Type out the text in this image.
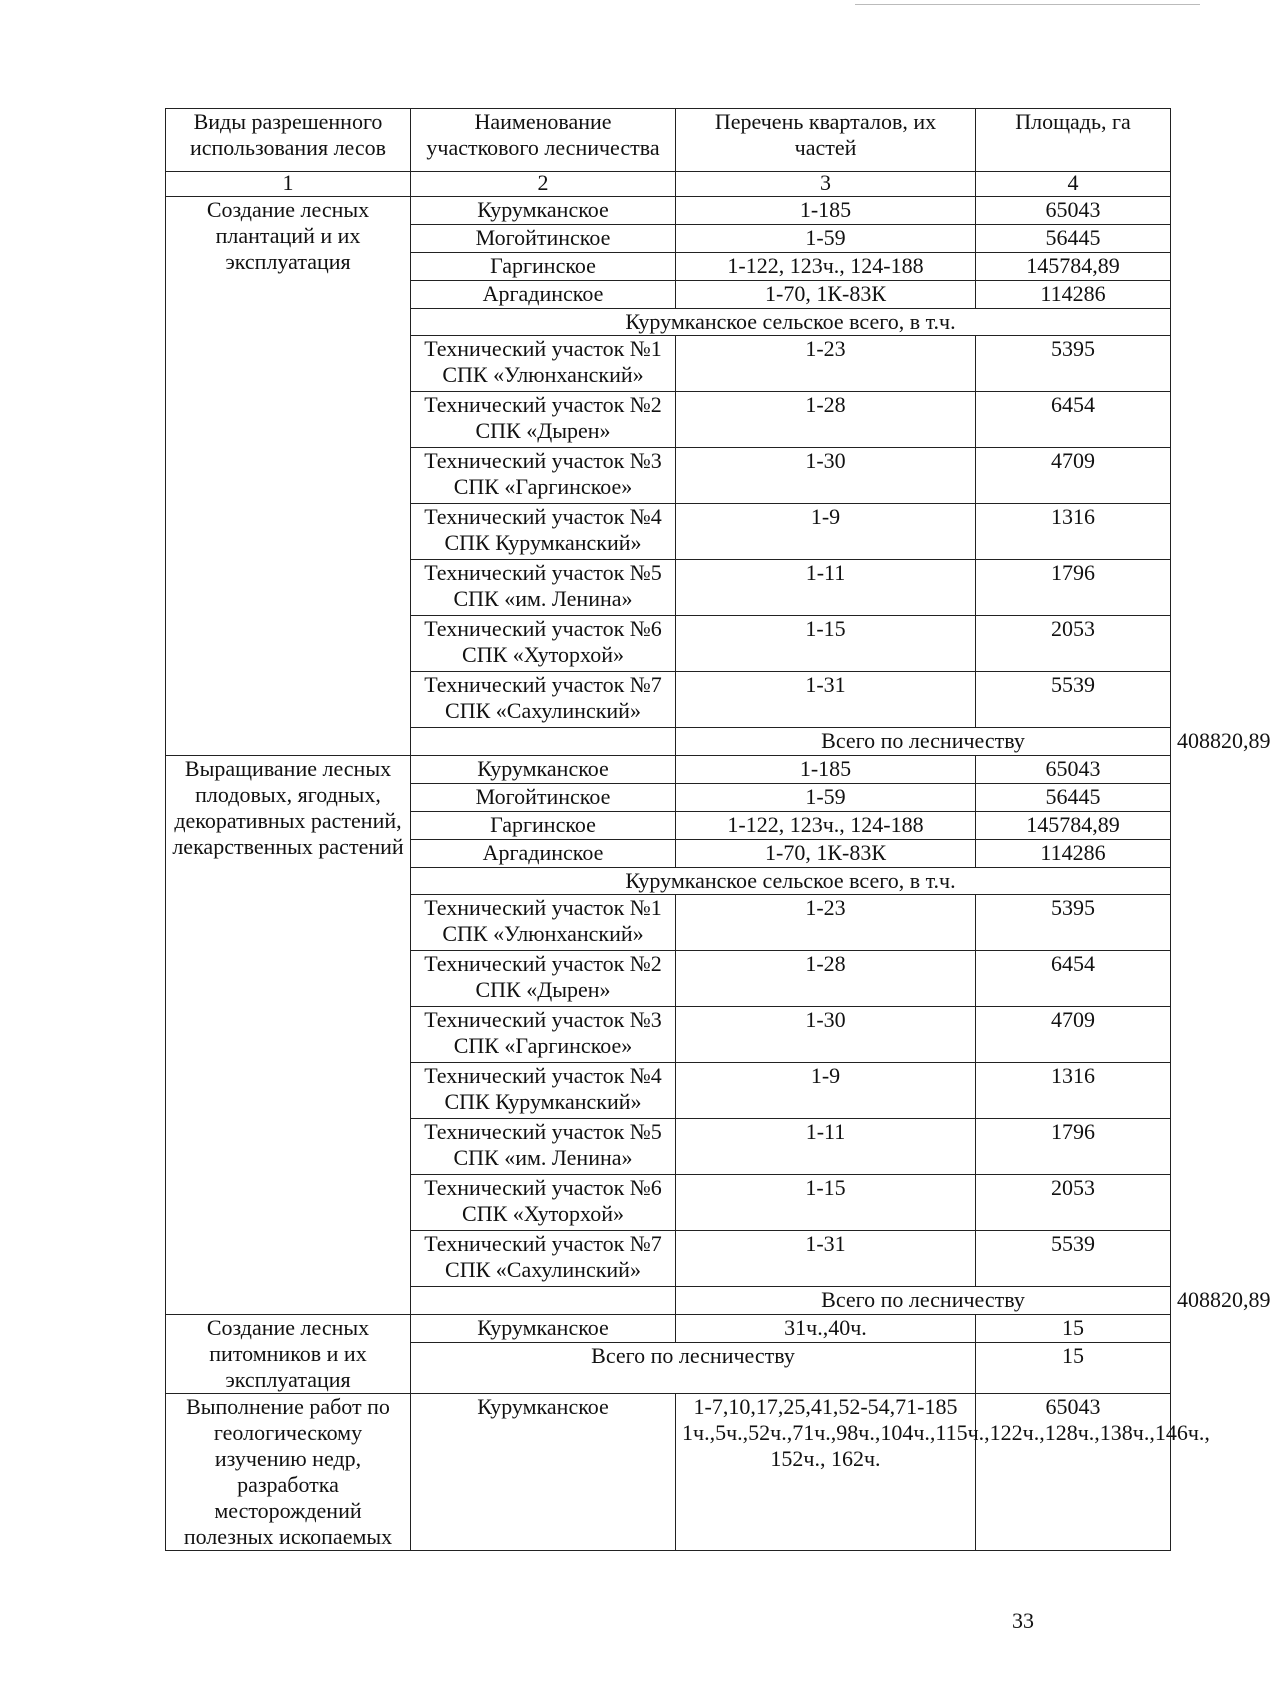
Виды разрешенного использования лесов	Наименование участкового лесничества	Перечень кварталов, их частей	Площадь, га	
1	2	3	4	
Создание лесных плантаций и их эксплуатация	Курумканское	1-185	65043	
	Могойтинское	1-59	56445	
	Гаргинское	1-122, 123ч., 124-188	145784,89	
	Аргадинское	1-70, 1К-83К	114286	
	Курумканское сельское всего, в т.ч.			
	Технический участок №1 СПК «Улюнханский»	1-23	5395	
	Технический участок №2 СПК «Дырен»	1-28	6454	
	Технический участок №3 СПК «Гаргинское»	1-30	4709	
	Технический участок №4 СПК Курумканский»	1-9	1316	
	Технический участок №5 СПК «им. Ленина»	1-11	1796	
	Технический участок №6 СПК «Хуторхой»	1-15	2053	
	Технический участок №7 СПК «Сахулинский»	1-31	5539	
		Всего по лесничеству		408820,89
Выращивание лесных плодовых, ягодных, декоративных растений, лекарственных растений	Курумканское	1-185	65043	
	Могойтинское	1-59	56445	
	Гаргинское	1-122, 123ч., 124-188	145784,89	
	Аргадинское	1-70, 1К-83К	114286	
	Курумканское сельское всего, в т.ч.			
	Технический участок №1 СПК «Улюнханский»	1-23	5395	
	Технический участок №2 СПК «Дырен»	1-28	6454	
	Технический участок №3 СПК «Гаргинское»	1-30	4709	
	Технический участок №4 СПК Курумканский»	1-9	1316	
	Технический участок №5 СПК «им. Ленина»	1-11	1796	
	Технический участок №6 СПК «Хуторхой»	1-15	2053	
	Технический участок №7 СПК «Сахулинский»	1-31	5539	
		Всего по лесничеству		408820,89
Создание лесных питомников и их эксплуатация	Курумканское	31ч.,40ч.	15	
	Всего по лесничеству		15	
Выполнение работ по геологическому изучению недр, разработка месторождений полезных ископаемых	Курумканское	1-7,10,17,25,41,52-54,71-185 1ч.,5ч.,52ч.,71ч.,98ч.,104ч.,115ч.,122ч.,128ч.,138ч.,146ч., 152ч., 162ч.	65043	
33
